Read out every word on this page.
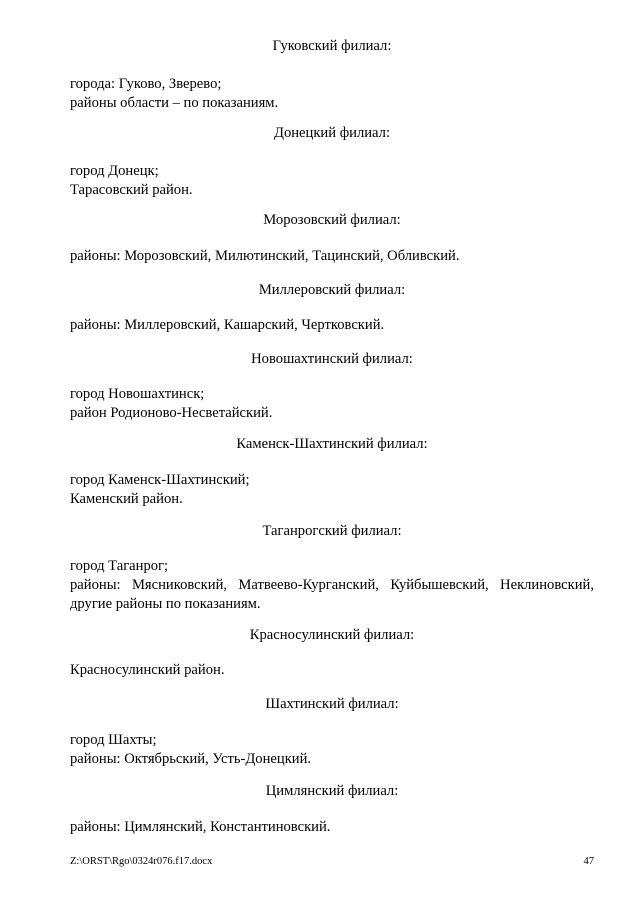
Гуковский филиал:
города: Гуково, Зверево;
районы области – по показаниям.
Донецкий филиал:
город Донецк;
Тарасовский район.
Морозовский филиал:
районы: Морозовский, Милютинский, Тацинский, Обливский.
Миллеровский филиал:
районы: Миллеровский, Кашарский, Чертковский.
Новошахтинский филиал:
город Новошахтинск;
район Родионово-Несветайский.
Каменск-Шахтинский филиал:
город Каменск-Шахтинский;
Каменский район.
Таганрогский филиал:
город Таганрог;
районы: Мясниковский, Матвеево-Курганский, Куйбышевский, Неклиновский,
другие районы по показаниям.
Красносулинский филиал:
Красносулинский район.
Шахтинский филиал:
город Шахты;
районы: Октябрьский, Усть-Донецкий.
Цимлянский филиал:
районы: Цимлянский, Константиновский.
Z:\ORST\Rgo\0324r076.f17.docx	47
